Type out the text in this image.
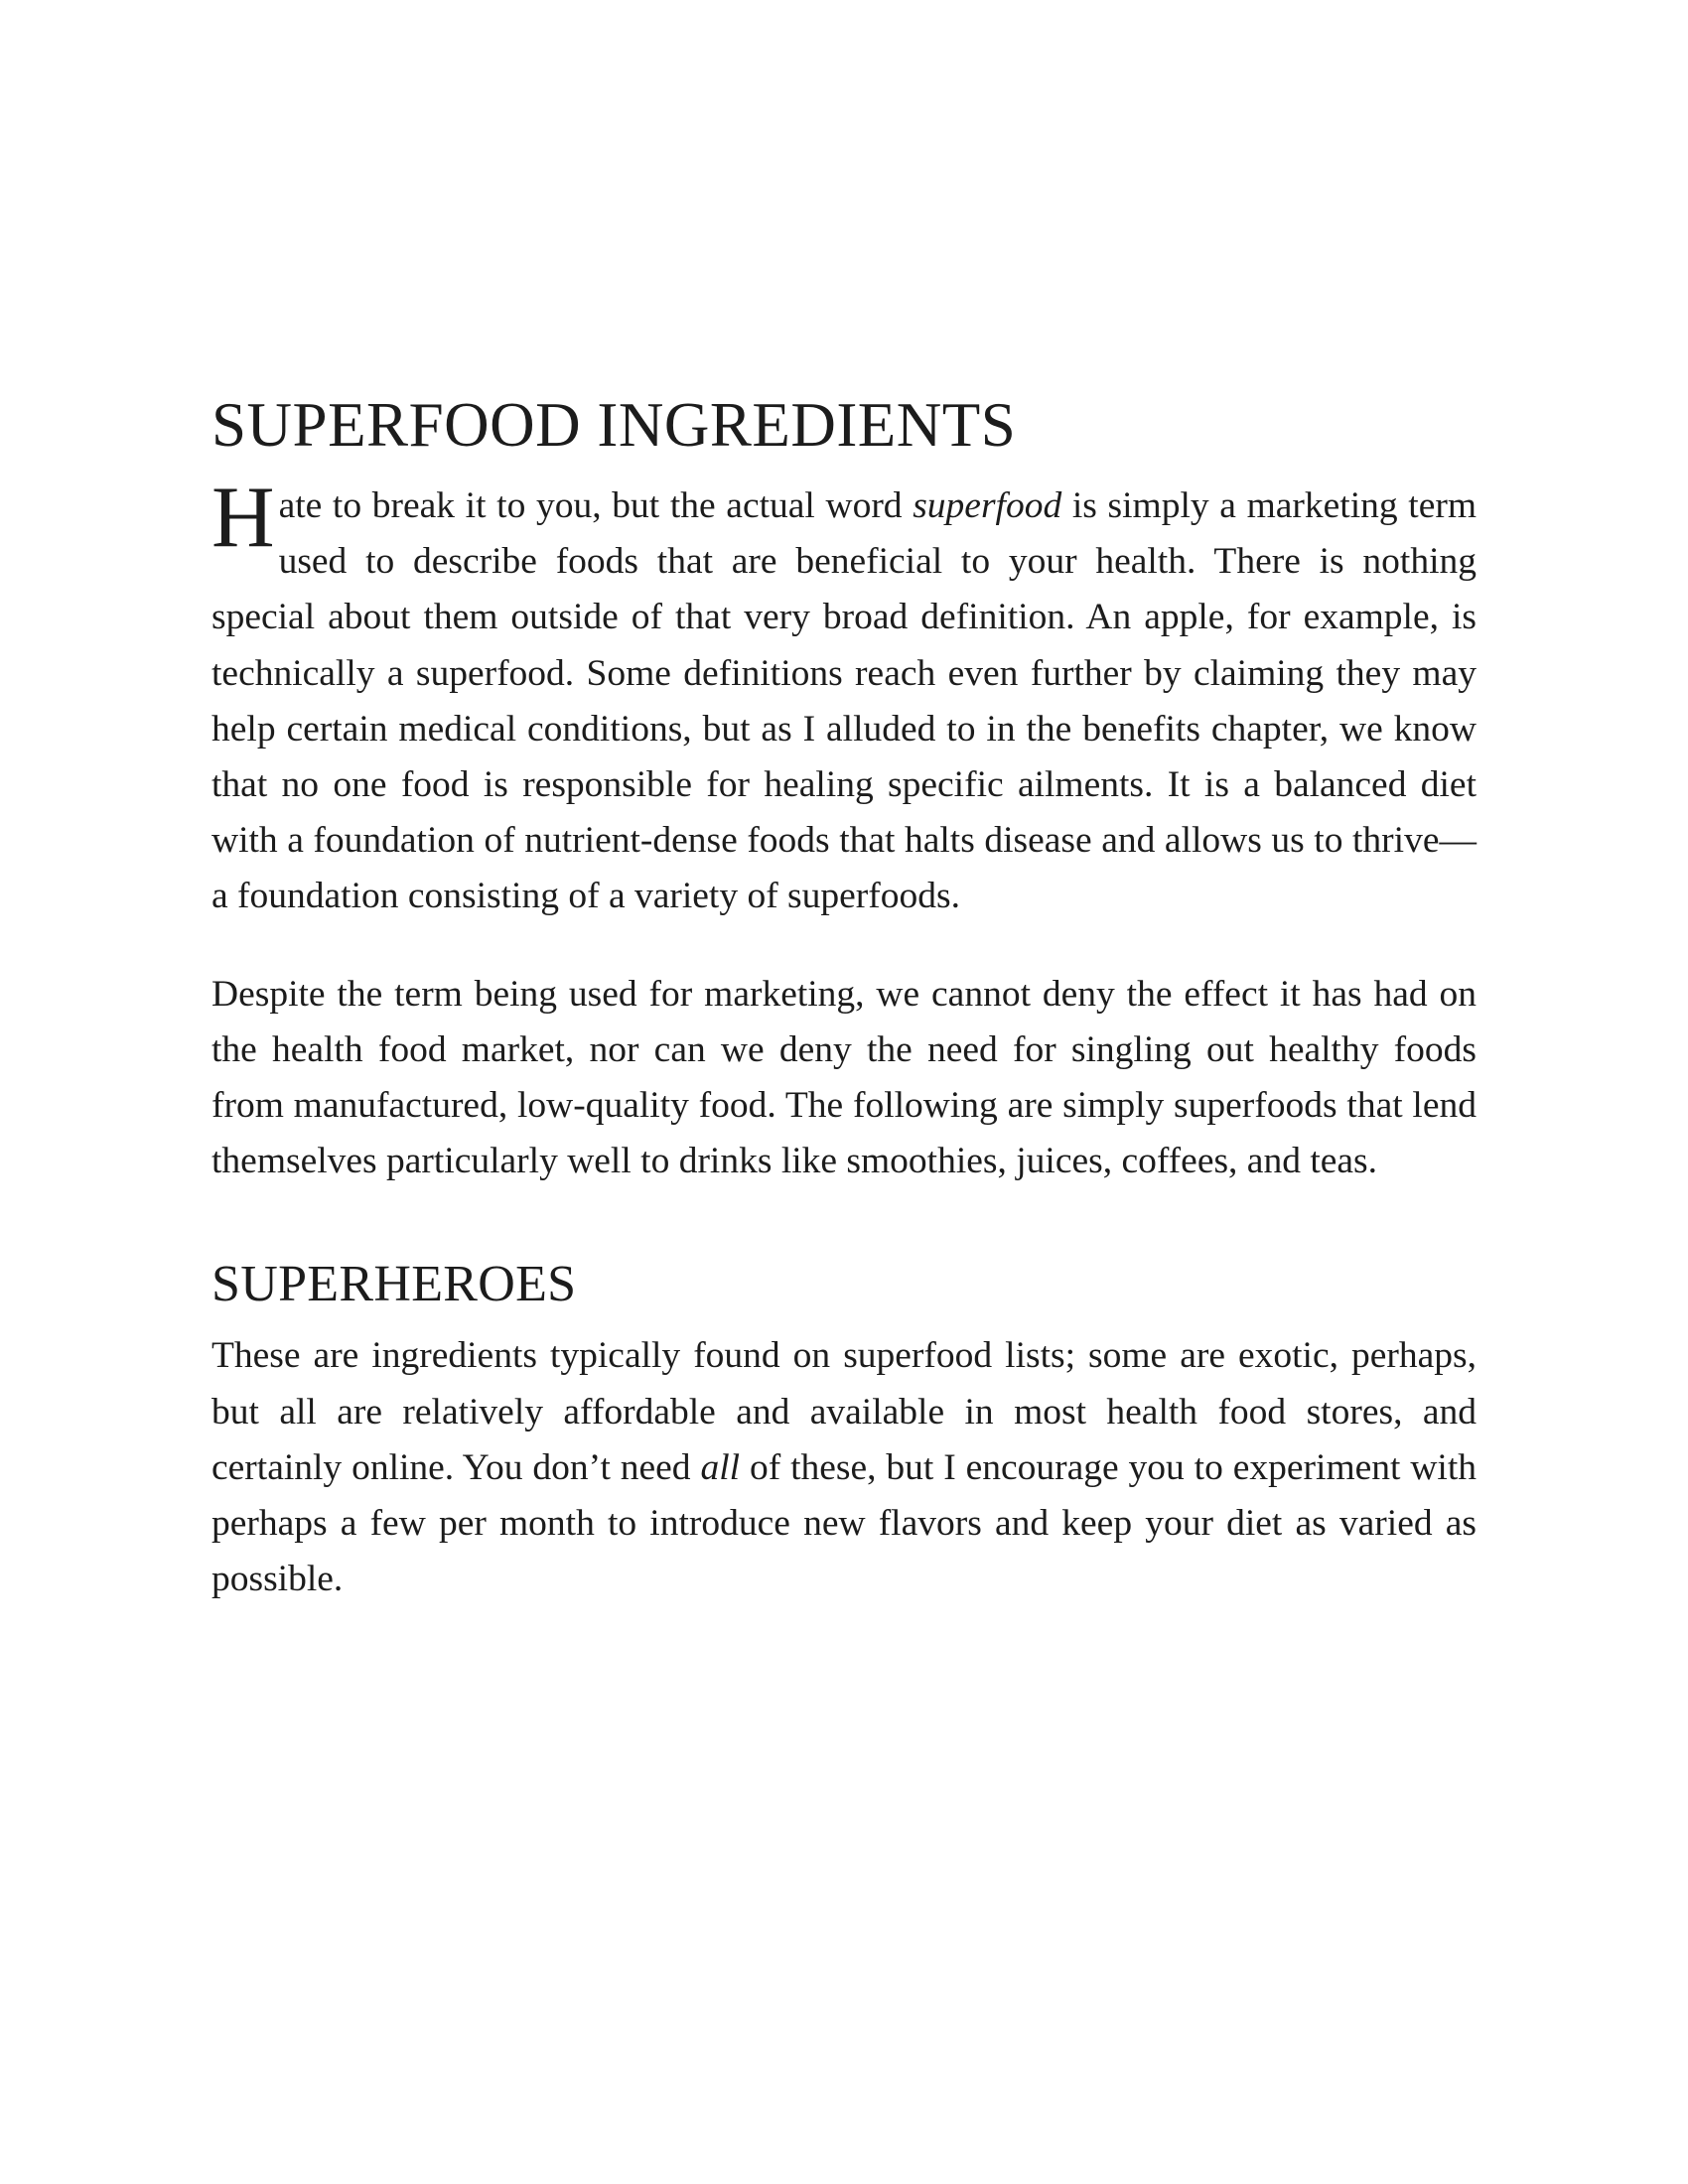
SUPERFOOD INGREDIENTS

Hate to break it to you, but the actual word superfood is simply a marketing term used to describe foods that are beneficial to your health. There is nothing special about them outside of that very broad definition. An apple, for example, is technically a superfood. Some definitions reach even further by claiming they may help certain medical conditions, but as I alluded to in the benefits chapter, we know that no one food is responsible for healing specific ailments. It is a balanced diet with a foundation of nutrient-dense foods that halts disease and allows us to thrive—a foundation consisting of a variety of superfoods.

Despite the term being used for marketing, we cannot deny the effect it has had on the health food market, nor can we deny the need for singling out healthy foods from manufactured, low-quality food. The following are simply superfoods that lend themselves particularly well to drinks like smoothies, juices, coffees, and teas.

SUPERHEROES

These are ingredients typically found on superfood lists; some are exotic, perhaps, but all are relatively affordable and available in most health food stores, and certainly online. You don’t need all of these, but I encourage you to experiment with perhaps a few per month to introduce new flavors and keep your diet as varied as possible.
